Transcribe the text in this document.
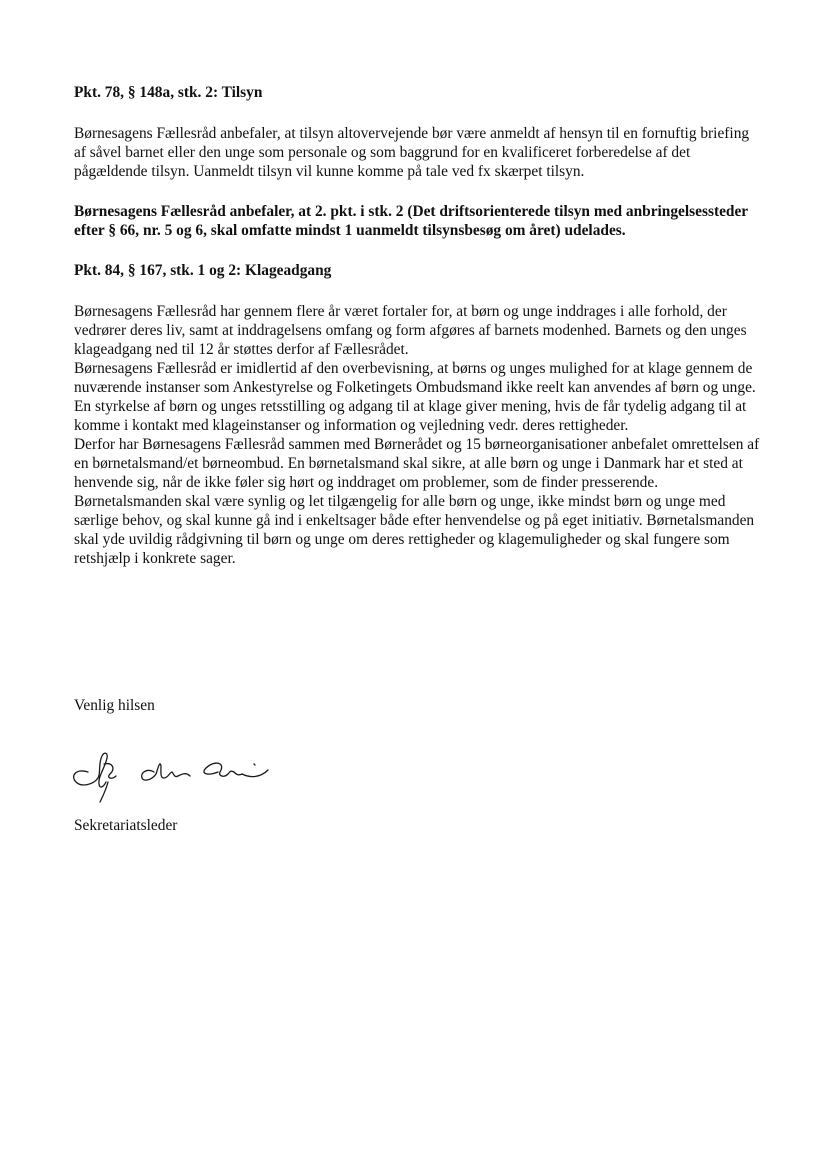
Pkt. 78, § 148a, stk. 2: Tilsyn

Børnesagens Fællesråd anbefaler, at tilsyn altovervejende bør være anmeldt af hensyn til en fornuftig briefing af såvel barnet eller den unge som personale og som baggrund for en kvalificeret forberedelse af det pågældende tilsyn. Uanmeldt tilsyn vil kunne komme på tale ved fx skærpet tilsyn.

Børnesagens Fællesråd anbefaler, at 2. pkt. i stk. 2 (Det driftsorienterede tilsyn med anbringelsessteder efter § 66, nr. 5 og 6, skal omfatte mindst 1 uanmeldt tilsynsbesøg om året) udelades.

Pkt. 84, § 167, stk. 1 og 2: Klageadgang

Børnesagens Fællesråd har gennem flere år været fortaler for, at børn og unge inddrages i alle forhold, der vedrører deres liv, samt at inddragelsens omfang og form afgøres af barnets modenhed. Barnets og den unges klageadgang ned til 12 år støttes derfor af Fællesrådet.

Børnesagens Fællesråd er imidlertid af den overbevisning, at børns og unges mulighed for at klage gennem de nuværende instanser som Ankestyrelse og Folketingets Ombudsmand ikke reelt kan anvendes af børn og unge.

En styrkelse af børn og unges retsstilling og adgang til at klage giver mening, hvis de får tydelig adgang til at komme i kontakt med klageinstanser og information og vejledning vedr. deres rettigheder.

Derfor har Børnesagens Fællesråd sammen med Børnerådet og 15 børneorganisationer anbefalet omrettelsen af en børnetalsmand/et børneombud. En børnetalsmand skal sikre, at alle børn og unge i Danmark har et sted at henvende sig, når de ikke føler sig hørt og inddraget om problemer, som de finder presserende. Børnetalsmanden skal være synlig og let tilgængelig for alle børn og unge, ikke mindst børn og unge med særlige behov, og skal kunne gå ind i enkeltsager både efter henvendelse og på eget initiativ. Børnetalsmanden skal yde uvildig rådgivning til børn og unge om deres rettigheder og klagemuligheder og skal fungere som retshjælp i konkrete sager.

Venlig hilsen

Sekretariatsleder
